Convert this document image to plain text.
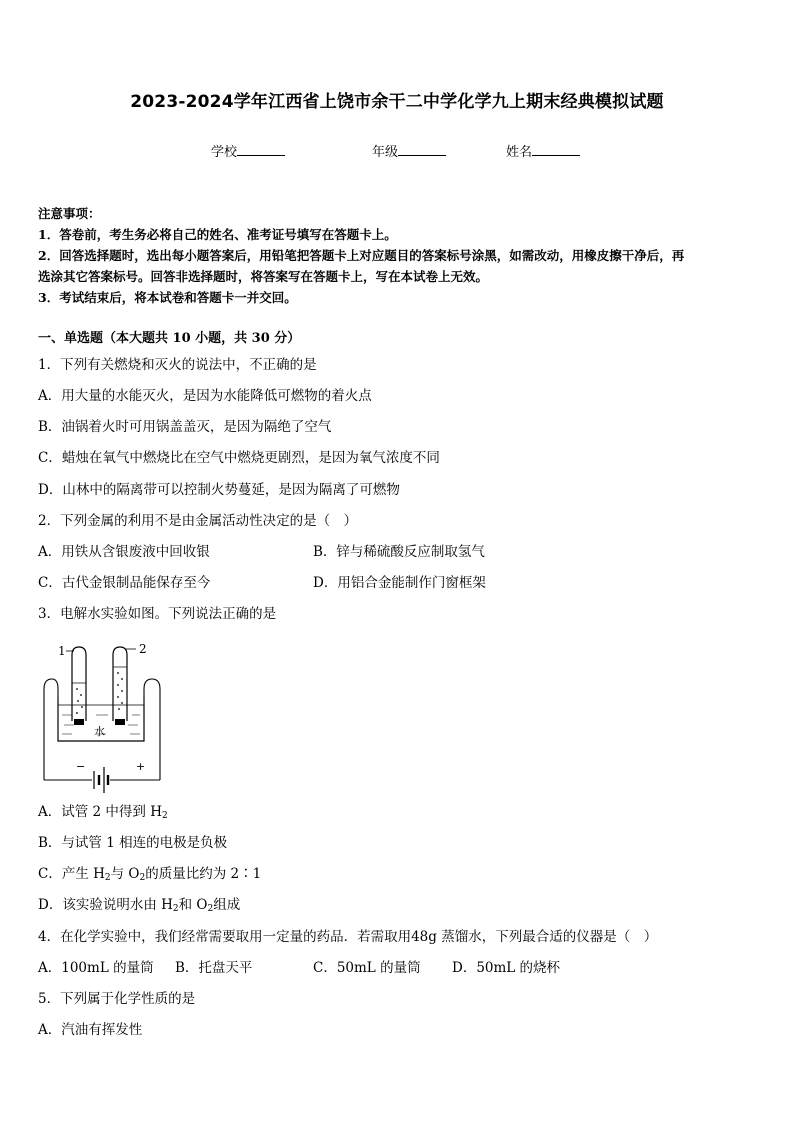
2023-2024学年江西省上饶市余干二中学化学九上期末经典模拟试题
学校	年级	姓名
注意事项：
1．答卷前，考生务必将自己的姓名、准考证号填写在答题卡上。
2．回答选择题时，选出每小题答案后，用铅笔把答题卡上对应题目的答案标号涂黑，如需改动，用橡皮擦干净后，再
选涂其它答案标号。回答非选择题时，将答案写在答题卡上，写在本试卷上无效。
3．考试结束后，将本试卷和答题卡一并交回。
一、单选题（本大题共 10 小题，共 30 分）
1．下列有关燃烧和灭火的说法中，不正确的是
A．用大量的水能灭火，是因为水能降低可燃物的着火点
B．油锅着火时可用锅盖盖灭，是因为隔绝了空气
C．蜡烛在氧气中燃烧比在空气中燃烧更剧烈，是因为氧气浓度不同
D．山林中的隔离带可以控制火势蔓延，是因为隔离了可燃物
2．下列金属的利用不是由金属活动性决定的是（　）
A．用铁从含银废液中回收银	B．锌与稀硫酸反应制取氢气
C．古代金银制品能保存至今	D．用铝合金能制作门窗框架
3．电解水实验如图。下列说法正确的是
1	2
水
−	+
A．试管 2 中得到 $H_2$
B．与试管 1 相连的电极是负极
C．产生 $H_2$与 $O_2$的质量比约为 2∶1
D．该实验说明水由 $H_2$和 $O_2$组成
4．在化学实验中，我们经常需要取用一定量的药品．若需取用48g 蒸馏水，下列最合适的仪器是（　）
A．100mL 的量筒 B．托盘天平	C．50mL 的量筒 D．50mL 的烧杯
5．下列属于化学性质的是
A．汽油有挥发性
